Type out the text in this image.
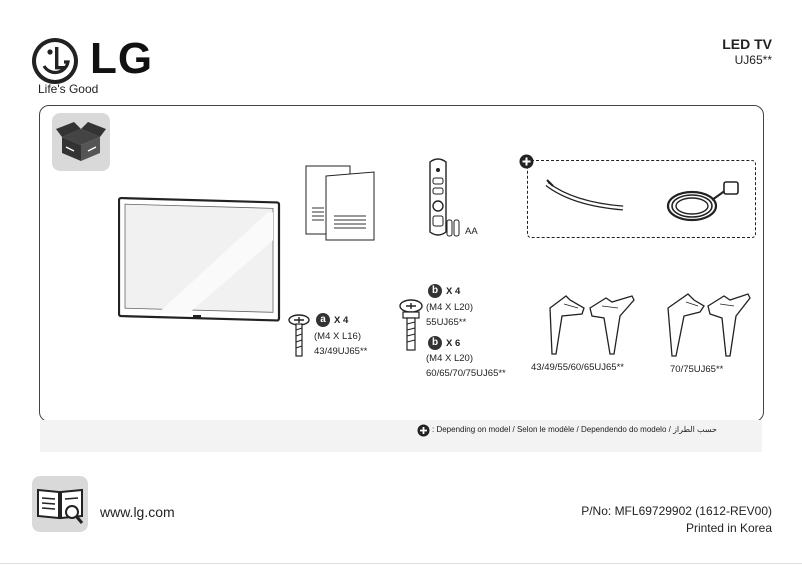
LG
Life's Good
LED TV
UJ65**
AA
a X 4
(M4 X L16)
43/49UJ65**
b X 4
(M4 X L20)
55UJ65**
b X 6
(M4 X L20)
60/65/70/75UJ65**
43/49/55/60/65UJ65**	70/75UJ65**
: Depending on model / Selon le modèle / Dependendo do modelo / حسب الطراز
www.lg.com	P/No: MFL69729902 (1612-REV00)
Printed in Korea
